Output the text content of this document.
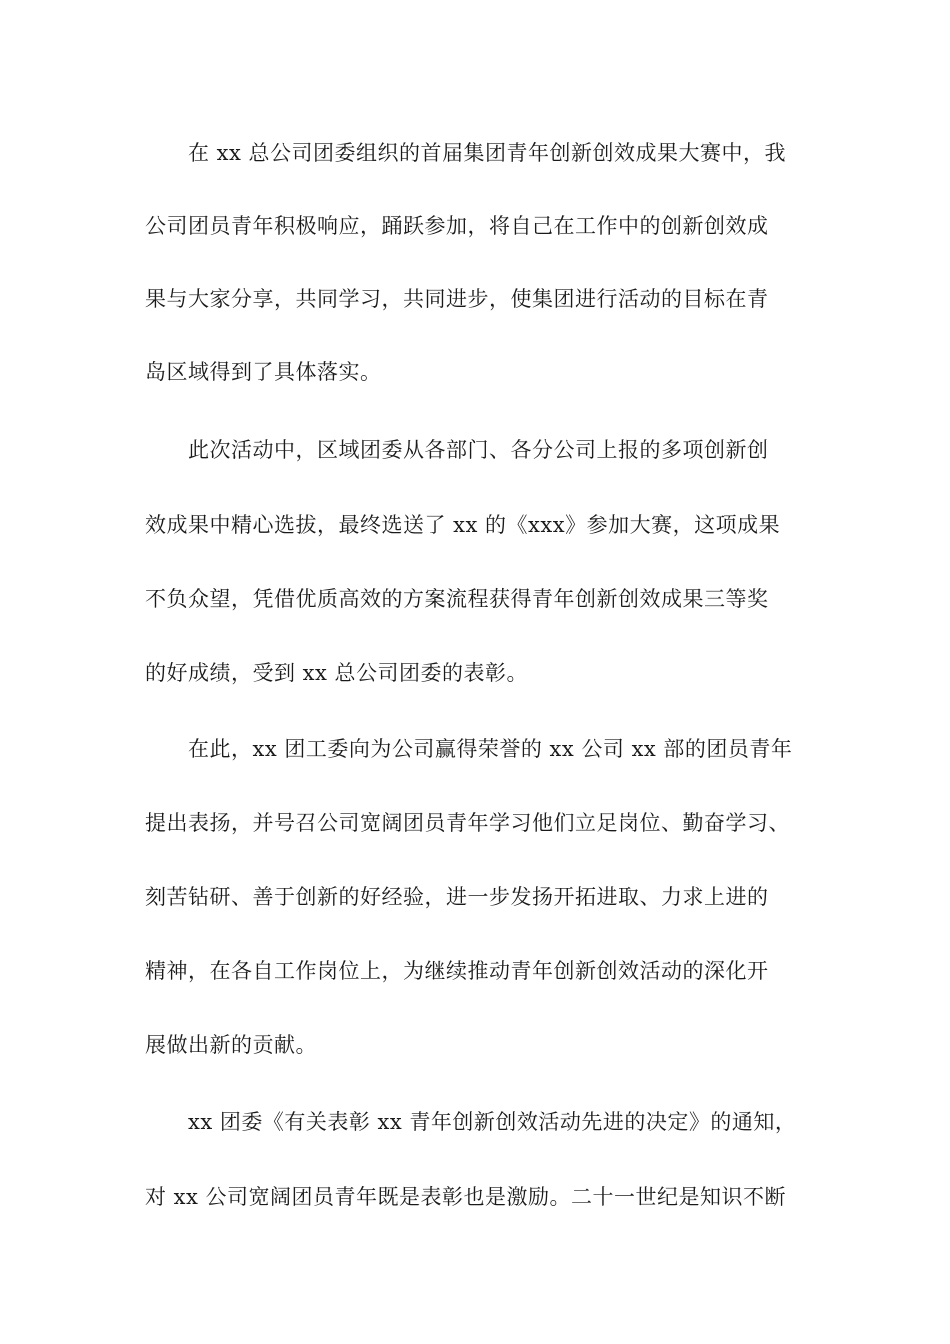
在 xx 总公司团委组织的首届集团青年创新创效成果大赛中，我
公司团员青年积极响应，踊跃参加，将自己在工作中的创新创效成
果与大家分享，共同学习，共同进步，使集团进行活动的目标在青
岛区域得到了具体落实。
此次活动中，区域团委从各部门、各分公司上报的多项创新创
效成果中精心选拔，最终选送了 xx 的《xxx》参加大赛，这项成果
不负众望，凭借优质高效的方案流程获得青年创新创效成果三等奖
的好成绩，受到 xx 总公司团委的表彰。
在此，xx 团工委向为公司赢得荣誉的 xx 公司 xx 部的团员青年
提出表扬，并号召公司宽阔团员青年学习他们立足岗位、勤奋学习、
刻苦钻研、善于创新的好经验，进一步发扬开拓进取、力求上进的
精神，在各自工作岗位上，为继续推动青年创新创效活动的深化开
展做出新的贡献。
xx 团委《有关表彰 xx 青年创新创效活动先进的决定》的通知，
对 xx 公司宽阔团员青年既是表彰也是激励。二十一世纪是知识不断
